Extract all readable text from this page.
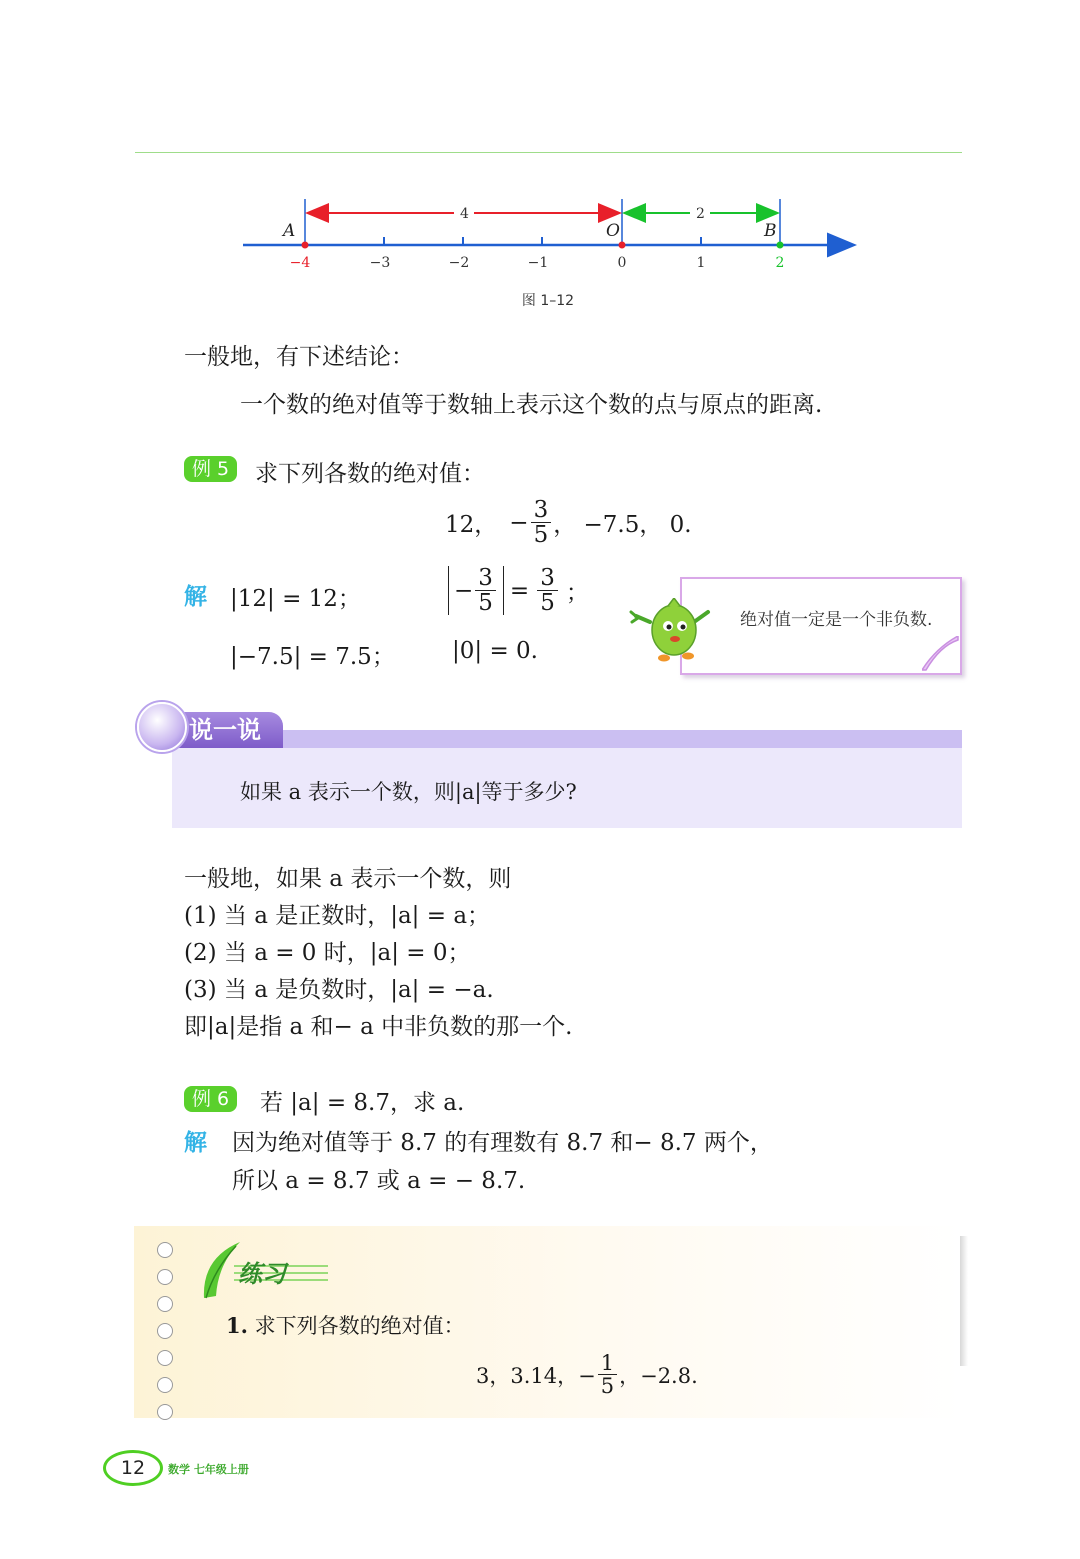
A	O	B
4	2
−4	−3	−2	−1	0	1	2
图 1–12
一般地，有下述结论：
一个数的绝对值等于数轴上表示这个数的点与原点的距离.
例 5	求下列各数的绝对值：
12， − $\frac{3}{5}$ ， −7.5， 0.
解 |12| = 12；	− $\frac{3}{5} = \frac{3}{5}$ ；
|−7.5| = 7.5； |0| = 0.
绝对值一定是一个非负数.
说一说
如果 a 表示一个数，则|a|等于多少?
一般地，如果 a 表示一个数，则
(1) 当 a 是正数时，|a| = a；
(2) 当 a = 0 时，|a| = 0；
(3) 当 a 是负数时，|a| = −a.
即|a|是指 a 和− a 中非负数的那一个.
例 6	若 |a| = 8.7，求 a.
解 因为绝对值等于 8.7 的有理数有 8.7 和− 8.7 两个，
所以 a = 8.7 或 a = − 8.7.
练习
1. 求下列各数的绝对值：
3，3.14，− $\frac{1}{5}$ ，−2.8.
12	数学 七年级上册
